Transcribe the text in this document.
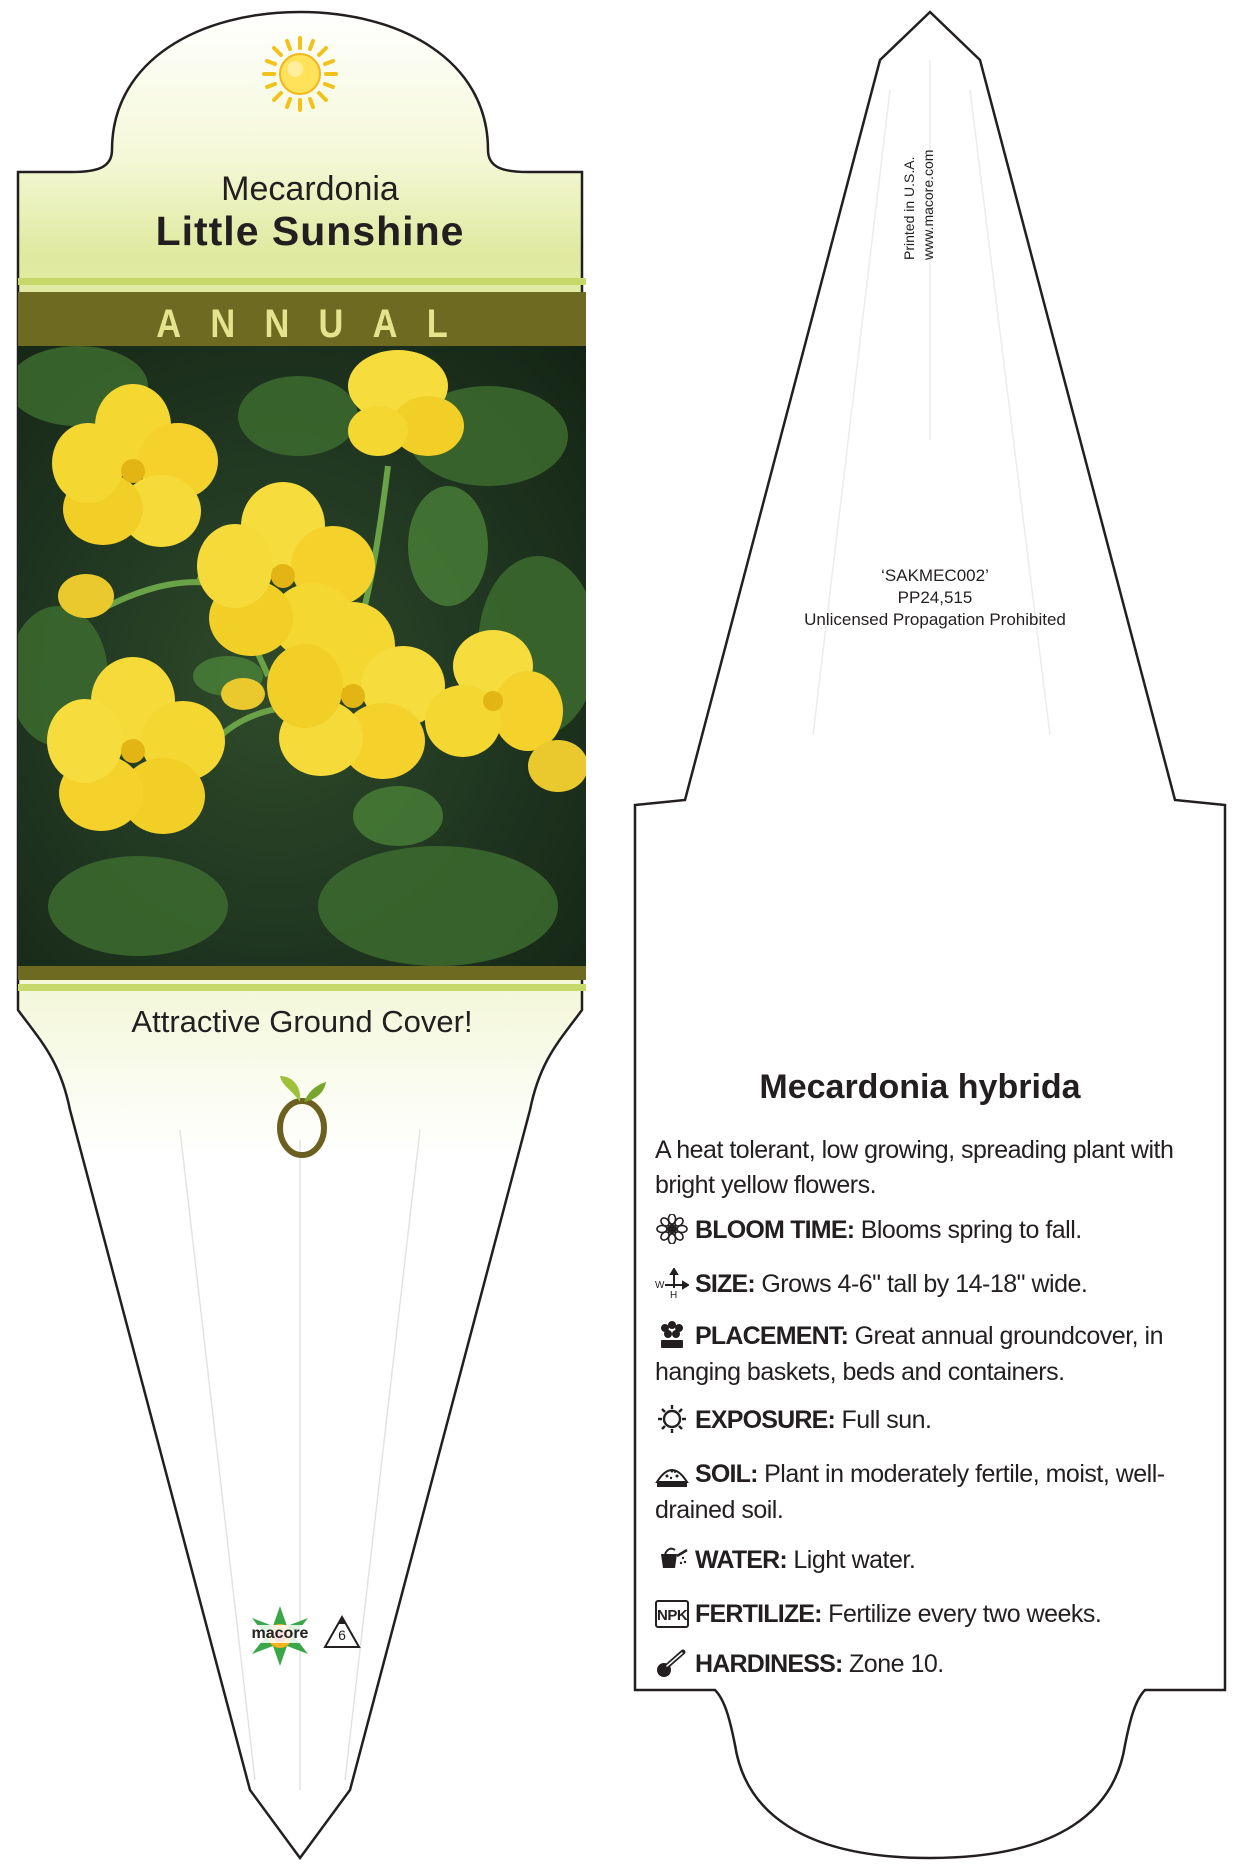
Mecardonia
Little Sunshine
ANNUAL
Attractive Ground Cover!
macore	6
Printed in U.S.A. www.macore.com
‘SAKMEC002’
PP24,515
Unlicensed Propagation Prohibited
Mecardonia hybrida
A heat tolerant, low growing, spreading plant with bright yellow flowers.
BLOOM TIME: Blooms spring to fall.
W
H SIZE: Grows 4-6" tall by 14-18" wide.
PLACEMENT: Great annual groundcover, in hanging baskets, beds and containers.
EXPOSURE: Full sun.
SOIL: Plant in moderately fertile, moist, well-drained soil.
WATER: Light water.
NPK FERTILIZE: Fertilize every two weeks.
HARDINESS: Zone 10.
